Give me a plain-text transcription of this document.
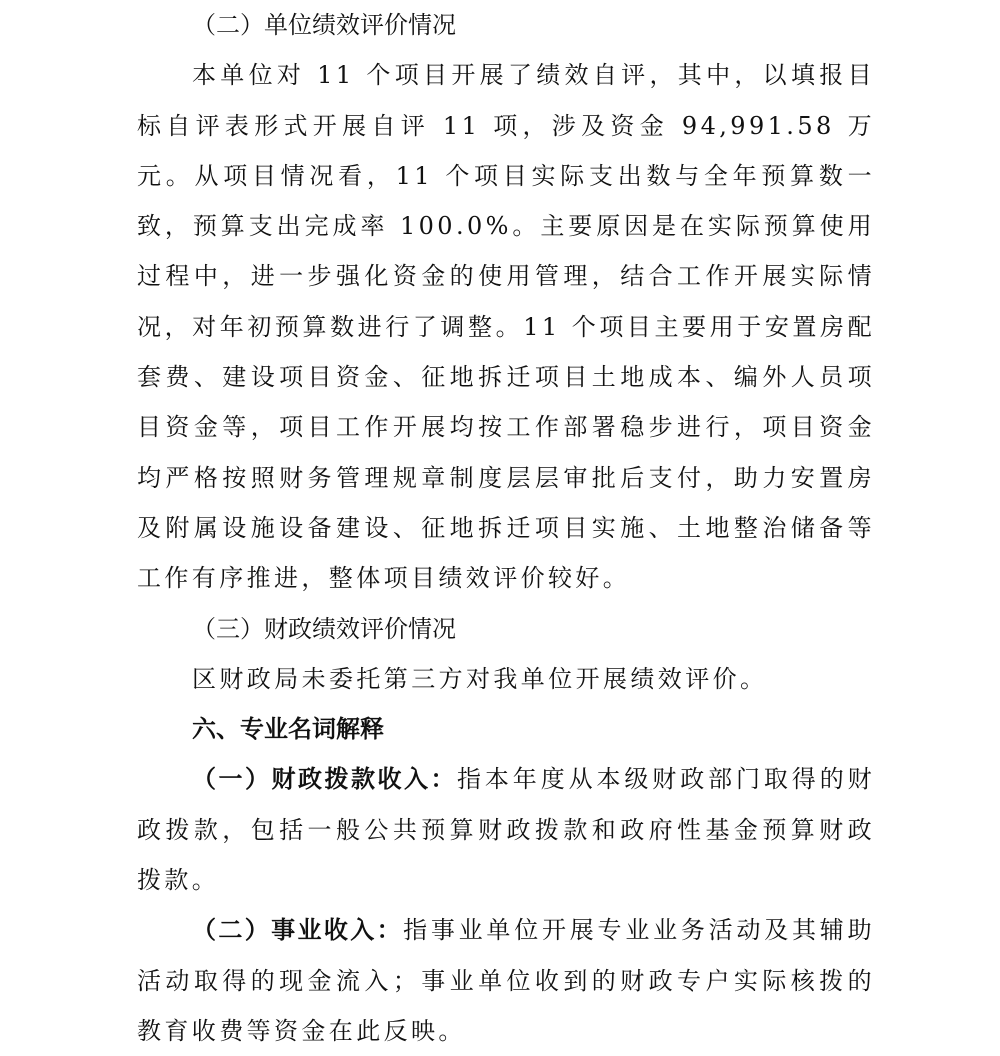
（二）单位绩效评价情况

本单位对 11 个项目开展了绩效自评，其中，以填报目标自评表形式开展自评 11 项，涉及资金 94,991.58 万元。从项目情况看，11 个项目实际支出数与全年预算数一致，预算支出完成率 100.0%。主要原因是在实际预算使用过程中，进一步强化资金的使用管理，结合工作开展实际情况，对年初预算数进行了调整。11 个项目主要用于安置房配套费、建设项目资金、征地拆迁项目土地成本、编外人员项目资金等，项目工作开展均按工作部署稳步进行，项目资金均严格按照财务管理规章制度层层审批后支付，助力安置房及附属设施设备建设、征地拆迁项目实施、土地整治储备等工作有序推进，整体项目绩效评价较好。

（三）财政绩效评价情况

区财政局未委托第三方对我单位开展绩效评价。

六、专业名词解释

（一）财政拨款收入：指本年度从本级财政部门取得的财政拨款，包括一般公共预算财政拨款和政府性基金预算财政拨款。

（二）事业收入：指事业单位开展专业业务活动及其辅助活动取得的现金流入；事业单位收到的财政专户实际核拨的教育收费等资金在此反映。
